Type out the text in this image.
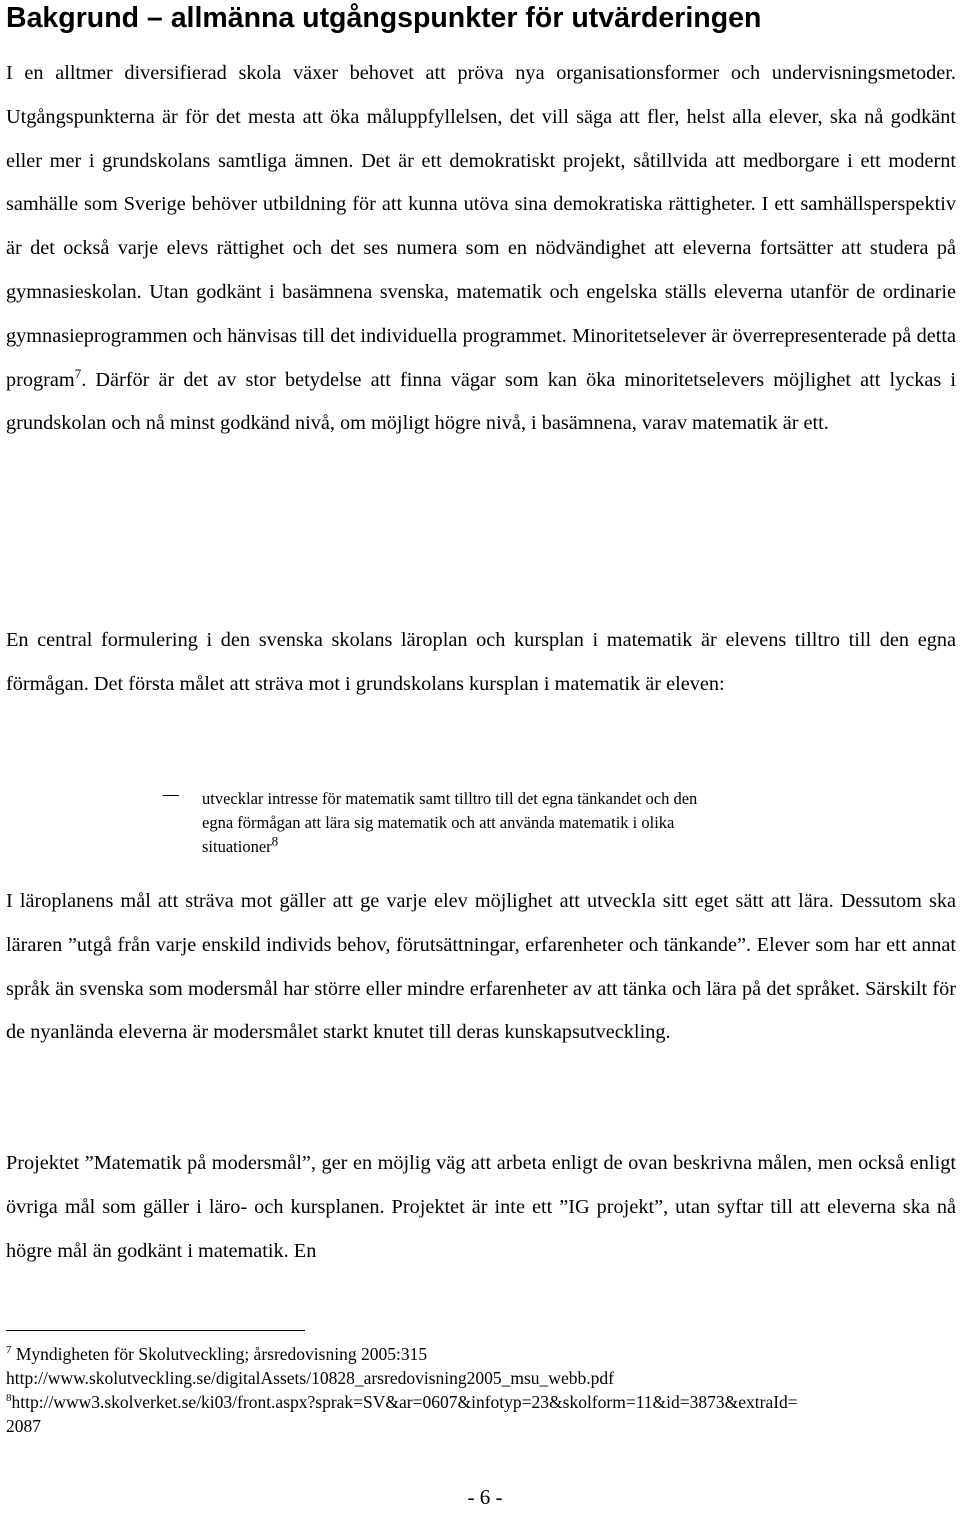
Bakgrund – allmänna utgångspunkter för utvärderingen

I en alltmer diversifierad skola växer behovet att pröva nya organisationsformer och undervisningsmetoder. Utgångspunkterna är för det mesta att öka måluppfyllelsen, det vill säga att fler, helst alla elever, ska nå godkänt eller mer i grundskolans samtliga ämnen. Det är ett demokratiskt projekt, såtillvida att medborgare i ett modernt samhälle som Sverige behöver utbildning för att kunna utöva sina demokratiska rättigheter. I ett samhällsperspektiv är det också varje elevs rättighet och det ses numera som en nödvändighet att eleverna fortsätter att studera på gymnasieskolan. Utan godkänt i basämnena svenska, matematik och engelska ställs eleverna utanför de ordinarie gymnasieprogrammen och hänvisas till det individuella programmet. Minoritetselever är överrepresenterade på detta program$^7$. Därför är det av stor betydelse att finna vägar som kan öka minoritetselevers möjlighet att lyckas i grundskolan och nå minst godkänd nivå, om möjligt högre nivå, i basämnena, varav matematik är ett.

En central formulering i den svenska skolans läroplan och kursplan i matematik är elevens tilltro till den egna förmågan. Det första målet att sträva mot i grundskolans kursplan i matematik är eleven:

utvecklar intresse för matematik samt tilltro till det egna tänkandet och den
egna förmågan att lära sig matematik och att använda matematik i olika
situationer$^8$

I läroplanens mål att sträva mot gäller att ge varje elev möjlighet att utveckla sitt eget sätt att lära. Dessutom ska läraren ”utgå från varje enskild individs behov, förutsättningar, erfarenheter och tänkande”. Elever som har ett annat språk än svenska som modersmål har större eller mindre erfarenheter av att tänka och lära på det språket. Särskilt för de nyanlända eleverna är modersmålet starkt knutet till deras kunskapsutveckling.

Projektet ”Matematik på modersmål”, ger en möjlig väg att arbeta enligt de ovan beskrivna målen, men också enligt övriga mål som gäller i läro- och kursplanen. Projektet är inte ett ”IG projekt”, utan syftar till att eleverna ska nå högre mål än godkänt i matematik. En

$^7$ Myndigheten för Skolutveckling; årsredovisning 2005:315
http://www.skolutveckling.se/digitalAssets/10828_arsredovisning2005_msu_webb.pdf
$^8$http://www3.skolverket.se/ki03/front.aspx?sprak=SV&ar=0607&infotyp=23&skolform=11&id=3873&extraId=
2087
- 6 -
